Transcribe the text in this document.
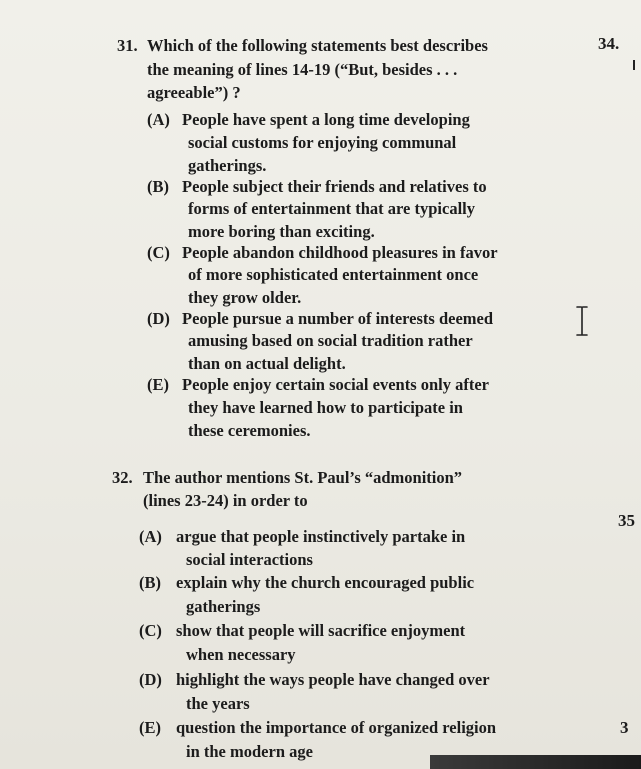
31. Which of the following statements best describes
the meaning of lines 14-19 (“But, besides . . .
agreeable”) ?
(A) People have spent a long time developing
social customs for enjoying communal
gatherings.
(B) People subject their friends and relatives to
forms of entertainment that are typically
more boring than exciting.
(C) People abandon childhood pleasures in favor
of more sophisticated entertainment once
they grow older.
(D) People pursue a number of interests deemed
amusing based on social tradition rather
than on actual delight.
(E) People enjoy certain social events only after
they have learned how to participate in
these ceremonies.
32. The author mentions St. Paul’s “admonition”
(lines 23-24) in order to
(A) argue that people instinctively partake in
social interactions
(B) explain why the church encouraged public
gatherings
(C) show that people will sacrifice enjoyment
when necessary
(D) highlight the ways people have changed over
the years
(E) question the importance of organized religion
in the modern age
34.
35
3
